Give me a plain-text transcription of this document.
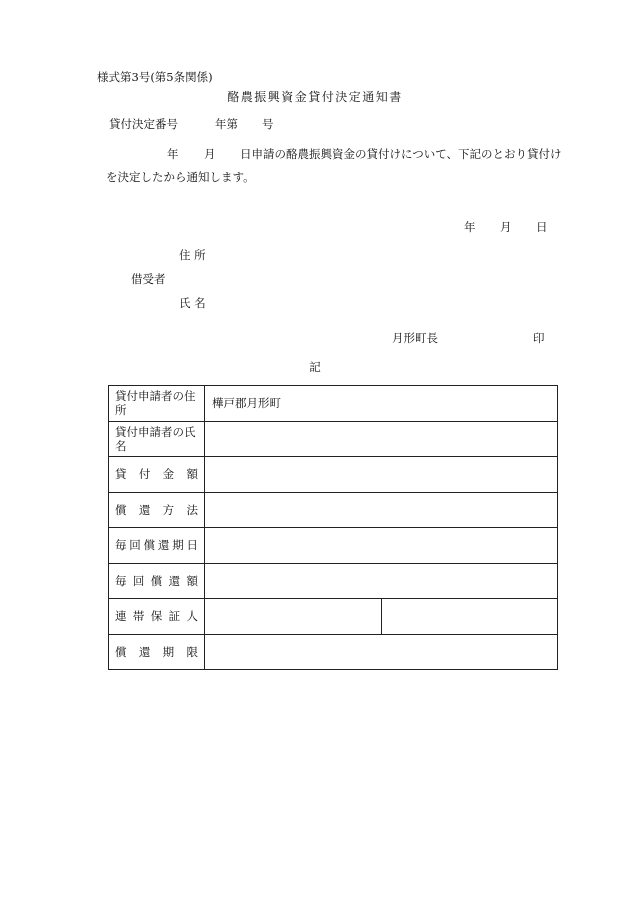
様式第3号(第5条関係)
酪農振興資金貸付決定通知書
貸付決定番号	年第 号
年 月 日申請の酪農振興資金の貸付けについて、下記のとおり貸付け
を決定したから通知します。
年 月 日
住 所
借受者
氏 名
月形町長	印
記
貸付申請者の住所	樺戸郡月形町	
貸付申請者の氏名		
貸付金額		
償還方法		
毎回償還期日		
毎回償還額		
連帯保証人		
償還期限		
